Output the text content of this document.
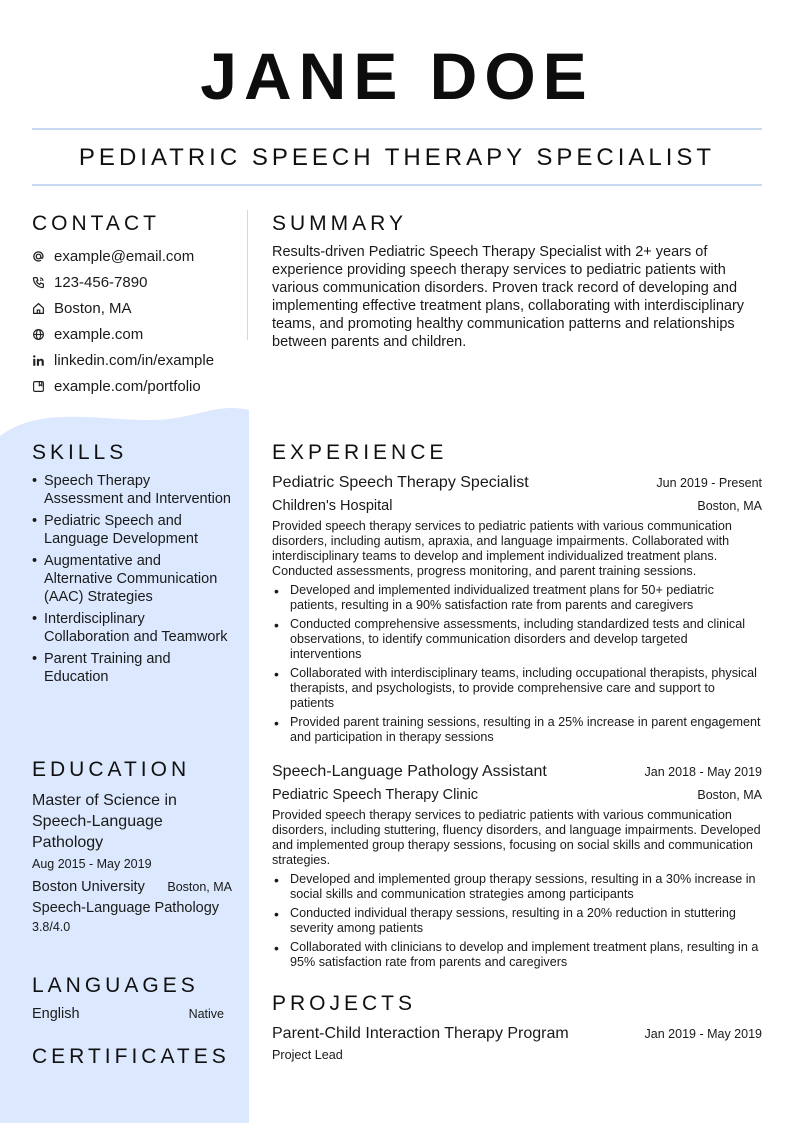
JANE DOE
PEDIATRIC SPEECH THERAPY SPECIALIST
CONTACT
example@email.com
123-456-7890
Boston, MA
example.com
linkedin.com/in/example
example.com/portfolio
SKILLS
• Speech Therapy Assessment and Intervention
• Pediatric Speech and Language Development
• Augmentative and Alternative Communication (AAC) Strategies
• Interdisciplinary Collaboration and Teamwork
• Parent Training and Education
EDUCATION
Master of Science in Speech-Language Pathology
Aug 2015 - May 2019
Boston University Boston, MA
Speech-Language Pathology
3.8/4.0
LANGUAGES
English	Native
CERTIFICATES
SUMMARY
Results-driven Pediatric Speech Therapy Specialist with 2+ years of experience providing speech therapy services to pediatric patients with various communication disorders. Proven track record of developing and implementing effective treatment plans, collaborating with interdisciplinary teams, and promoting healthy communication patterns and relationships between parents and children.
EXPERIENCE
Pediatric Speech Therapy Specialist	Jun 2019 - Present
Children's Hospital	Boston, MA
Provided speech therapy services to pediatric patients with various communication disorders, including autism, apraxia, and language impairments. Collaborated with interdisciplinary teams to develop and implement individualized treatment plans. Conducted assessments, progress monitoring, and parent training sessions.
• Developed and implemented individualized treatment plans for 50+ pediatric patients, resulting in a 90% satisfaction rate from parents and caregivers
• Conducted comprehensive assessments, including standardized tests and clinical observations, to identify communication disorders and develop targeted interventions
• Collaborated with interdisciplinary teams, including occupational therapists, physical therapists, and psychologists, to provide comprehensive care and support to patients
• Provided parent training sessions, resulting in a 25% increase in parent engagement and participation in therapy sessions
Speech-Language Pathology Assistant	Jan 2018 - May 2019
Pediatric Speech Therapy Clinic	Boston, MA
Provided speech therapy services to pediatric patients with various communication disorders, including stuttering, fluency disorders, and language impairments. Developed and implemented group therapy sessions, focusing on social skills and communication strategies.
• Developed and implemented group therapy sessions, resulting in a 30% increase in social skills and communication strategies among participants
• Conducted individual therapy sessions, resulting in a 20% reduction in stuttering severity among patients
• Collaborated with clinicians to develop and implement treatment plans, resulting in a 95% satisfaction rate from parents and caregivers
PROJECTS
Parent-Child Interaction Therapy Program	Jan 2019 - May 2019
Project Lead
